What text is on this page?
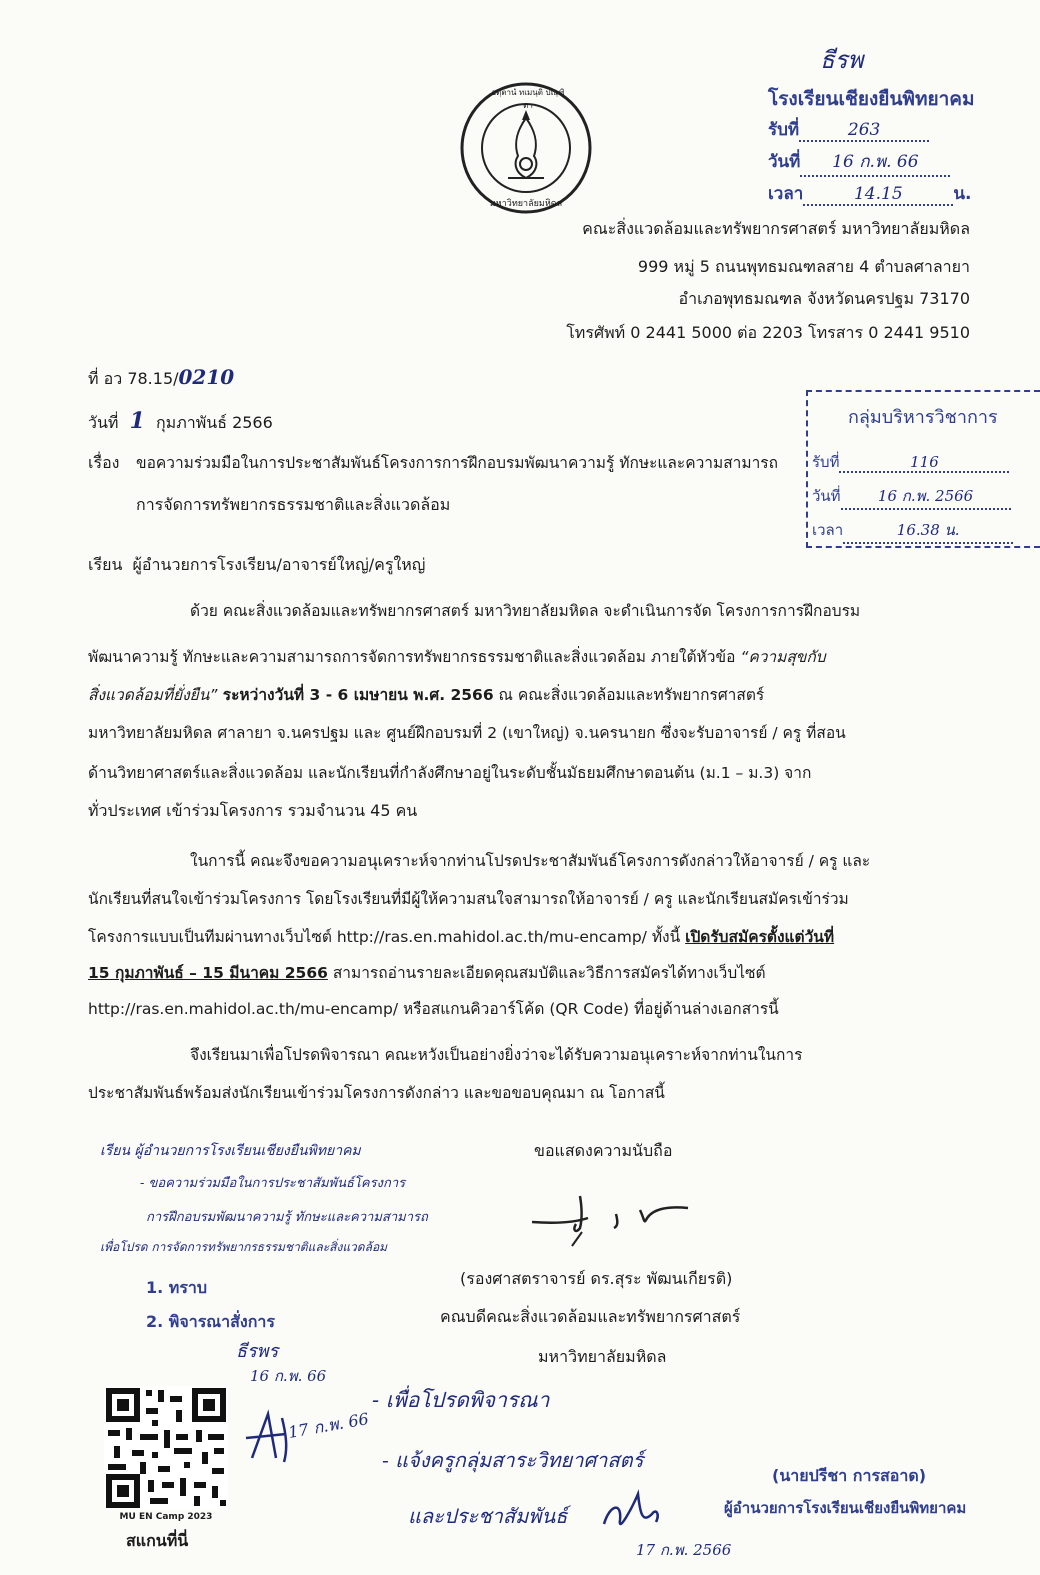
อตฺตานํ ทเมนฺติ ปณฺฑิตา
มหาวิทยาลัยมหิดล
ธีรพ
โรงเรียนเชียงยืนพิทยาคม
รับที่	263
วันที่ 16 ก.พ. 66
เวลา	14.15	น.
คณะสิ่งแวดล้อมและทรัพยากรศาสตร์ มหาวิทยาลัยมหิดล
999 หมู่ 5 ถนนพุทธมณฑลสาย 4 ตำบลศาลายา
อำเภอพุทธมณฑล จังหวัดนครปฐม 73170
โทรศัพท์ 0 2441 5000 ต่อ 2203 โทรสาร 0 2441 9510
ที่ อว 78.15/0210
วันที่ 1 กุมภาพันธ์ 2566	กลุ่มบริหารวิชาการ
รับที่	116
วันที่ 16 ก.พ. 2566
เวลา	16.38 น.
เรื่อง ขอความร่วมมือในการประชาสัมพันธ์โครงการการฝึกอบรมพัฒนาความรู้ ทักษะและความสามารถ
การจัดการทรัพยากรธรรมชาติและสิ่งแวดล้อม
เรียน ผู้อำนวยการโรงเรียน/อาจารย์ใหญ่/ครูใหญ่
ด้วย คณะสิ่งแวดล้อมและทรัพยากรศาสตร์ มหาวิทยาลัยมหิดล จะดำเนินการจัด โครงการการฝึกอบรม
พัฒนาความรู้ ทักษะและความสามารถการจัดการทรัพยากรธรรมชาติและสิ่งแวดล้อม ภายใต้หัวข้อ “ความสุขกับ
สิ่งแวดล้อมที่ยั่งยืน” ระหว่างวันที่ 3 - 6 เมษายน พ.ศ. 2566 ณ คณะสิ่งแวดล้อมและทรัพยากรศาสตร์
มหาวิทยาลัยมหิดล ศาลายา จ.นครปฐม และ ศูนย์ฝึกอบรมที่ 2 (เขาใหญ่) จ.นครนายก ซึ่งจะรับอาจารย์ / ครู ที่สอน
ด้านวิทยาศาสตร์และสิ่งแวดล้อม และนักเรียนที่กำลังศึกษาอยู่ในระดับชั้นมัธยมศึกษาตอนต้น (ม.1 – ม.3) จาก
ทั่วประเทศ เข้าร่วมโครงการ รวมจำนวน 45 คน
ในการนี้ คณะจึงขอความอนุเคราะห์จากท่านโปรดประชาสัมพันธ์โครงการดังกล่าวให้อาจารย์ / ครู และ
นักเรียนที่สนใจเข้าร่วมโครงการ โดยโรงเรียนที่มีผู้ให้ความสนใจสามารถให้อาจารย์ / ครู และนักเรียนสมัครเข้าร่วม
โครงการแบบเป็นทีมผ่านทางเว็บไซต์ http://ras.en.mahidol.ac.th/mu-encamp/ ทั้งนี้ เปิดรับสมัครตั้งแต่วันที่
15 กุมภาพันธ์ – 15 มีนาคม 2566 สามารถอ่านรายละเอียดคุณสมบัติและวิธีการสมัครได้ทางเว็บไซต์
http://ras.en.mahidol.ac.th/mu-encamp/ หรือสแกนคิวอาร์โค้ด (QR Code) ที่อยู่ด้านล่างเอกสารนี้
จึงเรียนมาเพื่อโปรดพิจารณา คณะหวังเป็นอย่างยิ่งว่าจะได้รับความอนุเคราะห์จากท่านในการ
ประชาสัมพันธ์พร้อมส่งนักเรียนเข้าร่วมโครงการดังกล่าว และขอขอบคุณมา ณ โอกาสนี้
ขอแสดงความนับถือ
(รองศาสตราจารย์ ดร.สุระ พัฒนเกียรติ)
คณบดีคณะสิ่งแวดล้อมและทรัพยากรศาสตร์
มหาวิทยาลัยมหิดล
เรียน ผู้อำนวยการโรงเรียนเชียงยืนพิทยาคม
- ขอความร่วมมือในการประชาสัมพันธ์โครงการ
การฝึกอบรมพัฒนาความรู้ ทักษะและความสามารถ
เพื่อโปรด การจัดการทรัพยากรธรรมชาติและสิ่งแวดล้อม
1. ทราบ
2. พิจารณาสั่งการ
ธีรพร
16 ก.พ. 66
MU EN Camp 2023
สแกนที่นี่
17 ก.พ. 66
- เพื่อโปรดพิจารณา
- แจ้งครูกลุ่มสาระวิทยาศาสตร์
และประชาสัมพันธ์
17 ก.พ. 2566
(นายปรีชา การสอาด)
ผู้อำนวยการโรงเรียนเชียงยืนพิทยาคม
